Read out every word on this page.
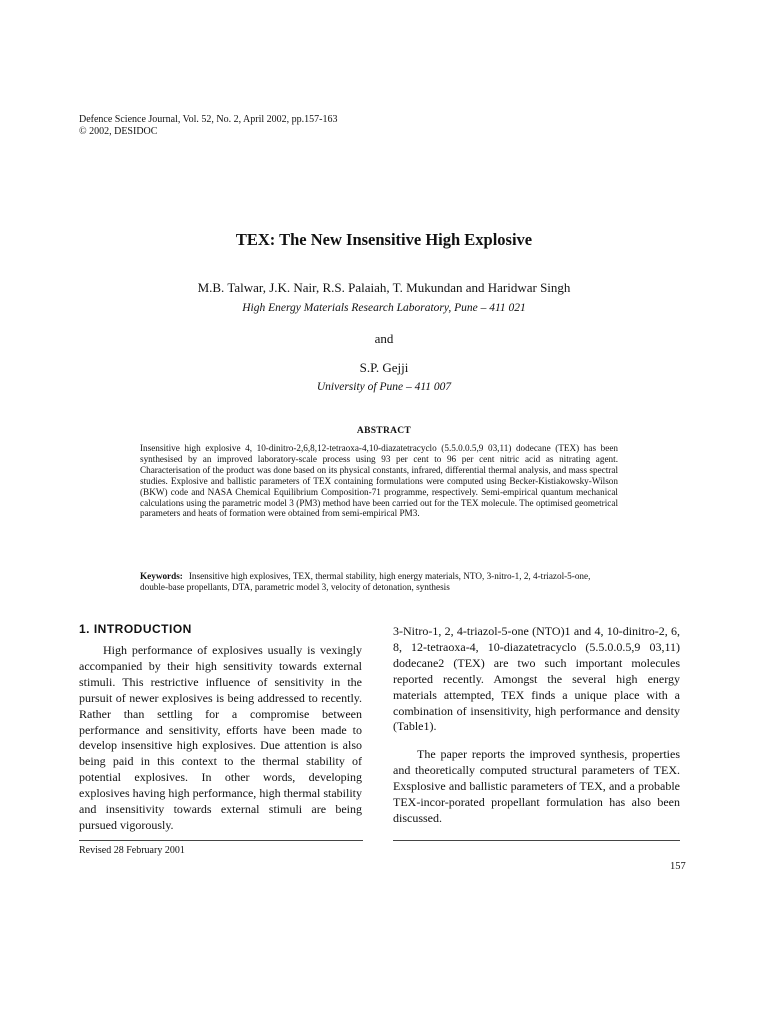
Defence Science Journal, Vol. 52, No. 2, April 2002, pp.157-163
© 2002, DESIDOC
TEX: The New Insensitive High Explosive
M.B. Talwar, J.K. Nair, R.S. Palaiah, T. Mukundan and Haridwar Singh
High Energy Materials Research Laboratory, Pune – 411 021
and
S.P. Gejji
University of Pune – 411 007
ABSTRACT
Insensitive high explosive 4, 10-dinitro-2,6,8,12-tetraoxa-4,10-diazatetracyclo (5.5.0.0.5,9 03,11) dodecane (TEX) has been synthesised by an improved laboratory-scale process using 93 per cent to 96 per cent nitric acid as nitrating agent. Characterisation of the product was done based on its physical constants, infrared, differential thermal analysis, and mass spectral studies. Explosive and ballistic parameters of TEX containing formulations were computed using Becker-Kistiakowsky-Wilson (BKW) code and NASA Chemical Equilibrium Composition-71 programme, respectively. Semi-empirical quantum mechanical calculations using the parametric model 3 (PM3) method have been carried out for the TEX molecule. The optimised geometrical parameters and heats of formation were obtained from semi-empirical PM3.
Keywords: Insensitive high explosives, TEX, thermal stability, high energy materials, NTO, 3-nitro-1, 2, 4-triazol-5-one, double-base propellants, DTA, parametric model 3, velocity of detonation, synthesis
1. INTRODUCTION

High performance of explosives usually is vexingly accompanied by their high sensitivity towards external stimuli. This restrictive influence of sensitivity in the pursuit of newer explosives is being addressed to recently. Rather than settling for a compromise between performance and sensitivity, efforts have been made to develop insensitive high explosives. Due attention is also being paid in this context to the thermal stability of potential explosives. In other words, developing explosives having high performance, high thermal stability and insensitivity towards external stimuli are being pursued vigorously.

3-Nitro-1, 2, 4-triazol-5-one (NTO)1 and 4, 10-dinitro-2, 6, 8, 12-tetraoxa-4, 10-diazatetracyclo (5.5.0.0.5,9 03,11) dodecane2 (TEX) are two such important molecules reported recently. Amongst the several high energy materials attempted, TEX finds a unique place with a combination of insensitivity, high performance and density (Table1).

The paper reports the improved synthesis, properties and theoretically computed structural parameters of TEX. Exsplosive and ballistic parameters of TEX, and a probable TEX-incor-porated propellant formulation has also been discussed.

Revised 28 February 2001
157
